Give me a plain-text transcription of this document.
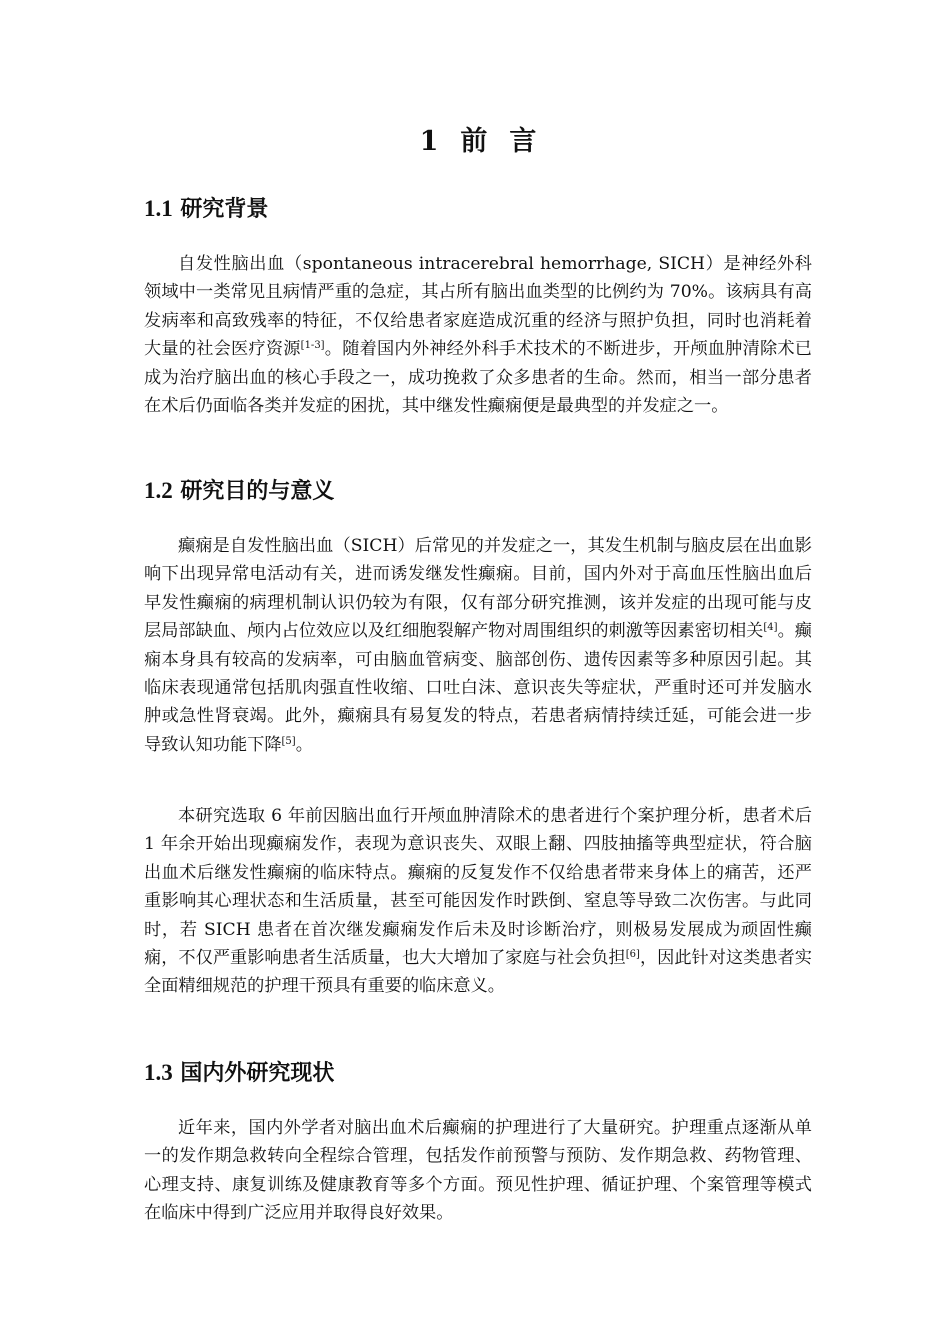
1 前 言
1.1 研究背景

自发性脑出血（spontaneous intracerebral hemorrhage, SICH）是神经外科领域中一类常见且病情严重的急症，其占所有脑出血类型的比例约为 70%。该病具有高发病率和高致残率的特征，不仅给患者家庭造成沉重的经济与照护负担，同时也消耗着大量的社会医疗资源[1-3]。随着国内外神经外科手术技术的不断进步，开颅血肿清除术已成为治疗脑出血的核心手段之一，成功挽救了众多患者的生命。然而，相当一部分患者在术后仍面临各类并发症的困扰，其中继发性癫痫便是最典型的并发症之一。

1.2 研究目的与意义

癫痫是自发性脑出血（SICH）后常见的并发症之一，其发生机制与脑皮层在出血影响下出现异常电活动有关，进而诱发继发性癫痫。目前，国内外对于高血压性脑出血后早发性癫痫的病理机制认识仍较为有限，仅有部分研究推测，该并发症的出现可能与皮层局部缺血、颅内占位效应以及红细胞裂解产物对周围组织的刺激等因素密切相关[4]。癫痫本身具有较高的发病率，可由脑血管病变、脑部创伤、遗传因素等多种原因引起。其临床表现通常包括肌肉强直性收缩、口吐白沫、意识丧失等症状，严重时还可并发脑水肿或急性肾衰竭。此外，癫痫具有易复发的特点，若患者病情持续迁延，可能会进一步导致认知功能下降[5]。

本研究选取 6 年前因脑出血行开颅血肿清除术的患者进行个案护理分析，患者术后 1 年余开始出现癫痫发作，表现为意识丧失、双眼上翻、四肢抽搐等典型症状，符合脑出血术后继发性癫痫的临床特点。癫痫的反复发作不仅给患者带来身体上的痛苦，还严重影响其心理状态和生活质量，甚至可能因发作时跌倒、窒息等导致二次伤害。与此同时，若 SICH 患者在首次继发癫痫发作后未及时诊断治疗，则极易发展成为顽固性癫痫，不仅严重影响患者生活质量，也大大增加了家庭与社会负担[6]，因此针对这类患者实全面精细规范的护理干预具有重要的临床意义。

1.3 国内外研究现状

近年来，国内外学者对脑出血术后癫痫的护理进行了大量研究。护理重点逐渐从单一的发作期急救转向全程综合管理，包括发作前预警与预防、发作期急救、药物管理、心理支持、康复训练及健康教育等多个方面。预见性护理、循证护理、个案管理等模式在临床中得到广泛应用并取得良好效果。
